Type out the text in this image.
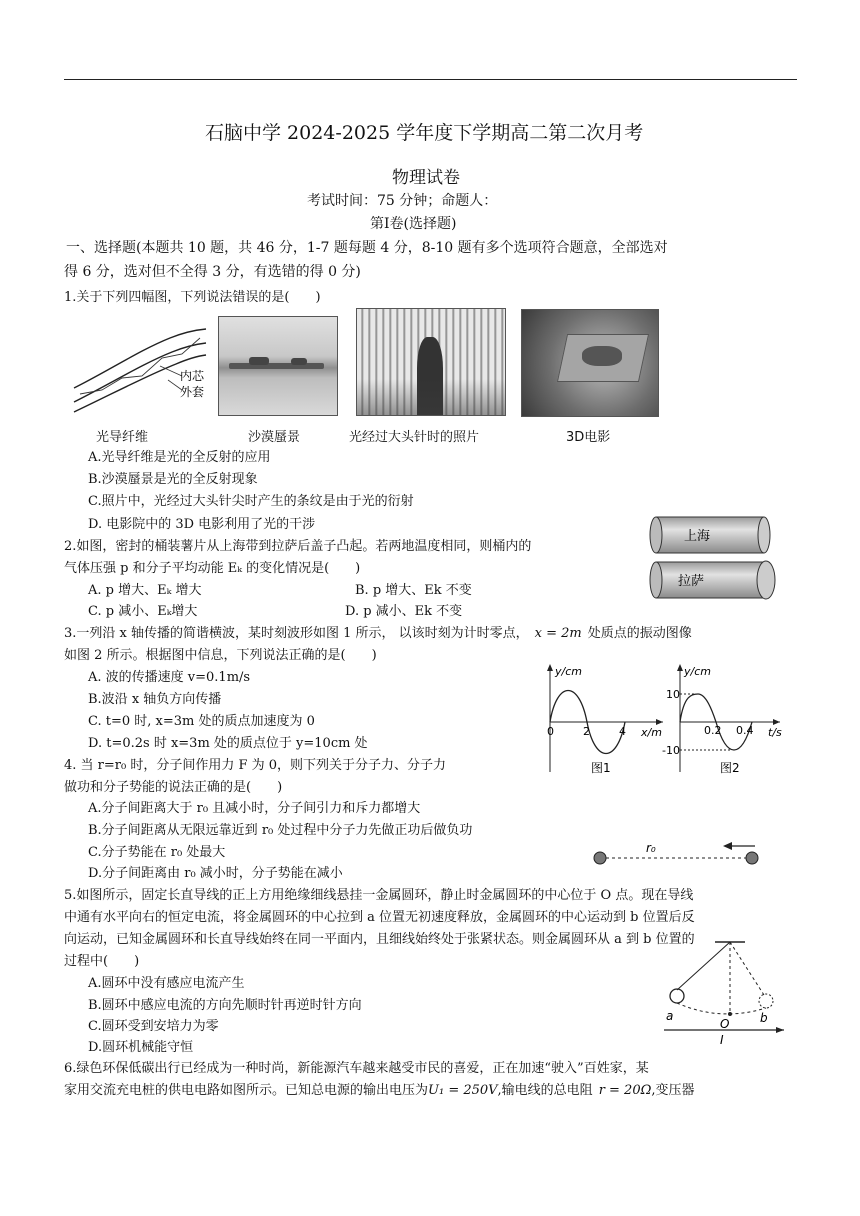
石脑中学 2024-2025 学年度下学期高二第二次月考
物理试卷
考试时间：75 分钟；命题人：
第Ⅰ卷(选择题)
一、选择题(本题共 10 题，共 46 分，1-7 题每题 4 分，8-10 题有多个选项符合题意，全部选对
得 6 分，选对但不全得 3 分，有选错的得 0 分)
1.关于下列四幅图，下列说法错误的是(　　)
内芯
外套
光导纤维	沙漠蜃景	光经过大头针时的照片	3D电影
A.光导纤维是光的全反射的应用
B.沙漠蜃景是光的全反射现象
C.照片中，光经过大头针尖时产生的条纹是由于光的衍射
D. 电影院中的 3D 电影利用了光的干涉
2.如图，密封的桶装薯片从上海带到拉萨后盖子凸起。若两地温度相同，则桶内的
气体压强 p 和分子平均动能 Eₖ 的变化情况是(　　)
A. p 增大、Eₖ 增大	B. p 增大、Ek 不变
C. p 减小、Eₖ增大	D. p 减小、Ek 不变
上海
拉萨
3.一列沿 x 轴传播的简谐横波，某时刻波形如图 1 所示， 以该时刻为计时零点， x = 2m 处质点的振动图像
如图 2 所示。根据图中信息，下列说法正确的是(　　)
A. 波的传播速度 v=0.1m/s
B.波沿 x 轴负方向传播
C. t=0 时, x=3m 处的质点加速度为 0
D. t=0.2s 时 x=3m 处的质点位于 y=10cm 处
y/cm
x/m
0	2	4
图1
y/cm
t/s
10
-10
0.2 0.4
图2
4. 当 r=r₀ 时，分子间作用力 F 为 0，则下列关于分子力、分子力
做功和分子势能的说法正确的是(　　)
A.分子间距离大于 r₀ 且减小时，分子间引力和斥力都增大
B.分子间距离从无限远靠近到 r₀ 处过程中分子力先做正功后做负功
C.分子势能在 r₀ 处最大
D.分子间距离由 r₀ 减小时，分子势能在减小
r₀
5.如图所示，固定长直导线的正上方用绝缘细线悬挂一金属圆环，静止时金属圆环的中心位于 O 点。现在导线
中通有水平向右的恒定电流，将金属圆环的中心拉到 a 位置无初速度释放，金属圆环的中心运动到 b 位置后反
向运动，已知金属圆环和长直导线始终在同一平面内，且细线始终处于张紧状态。则金属圆环从 a 到 b 位置的
过程中(　　)
A.圆环中没有感应电流产生
B.圆环中感应电流的方向先顺时针再逆时针方向
C.圆环受到安培力为零
D.圆环机械能守恒
a
O	b
I
6.绿色环保低碳出行已经成为一种时尚，新能源汽车越来越受市民的喜爱，正在加速“驶入”百姓家，某
家用交流充电桩的供电电路如图所示。已知总电源的输出电压为U₁ = 250V,输电线的总电阻 r = 20Ω,变压器
